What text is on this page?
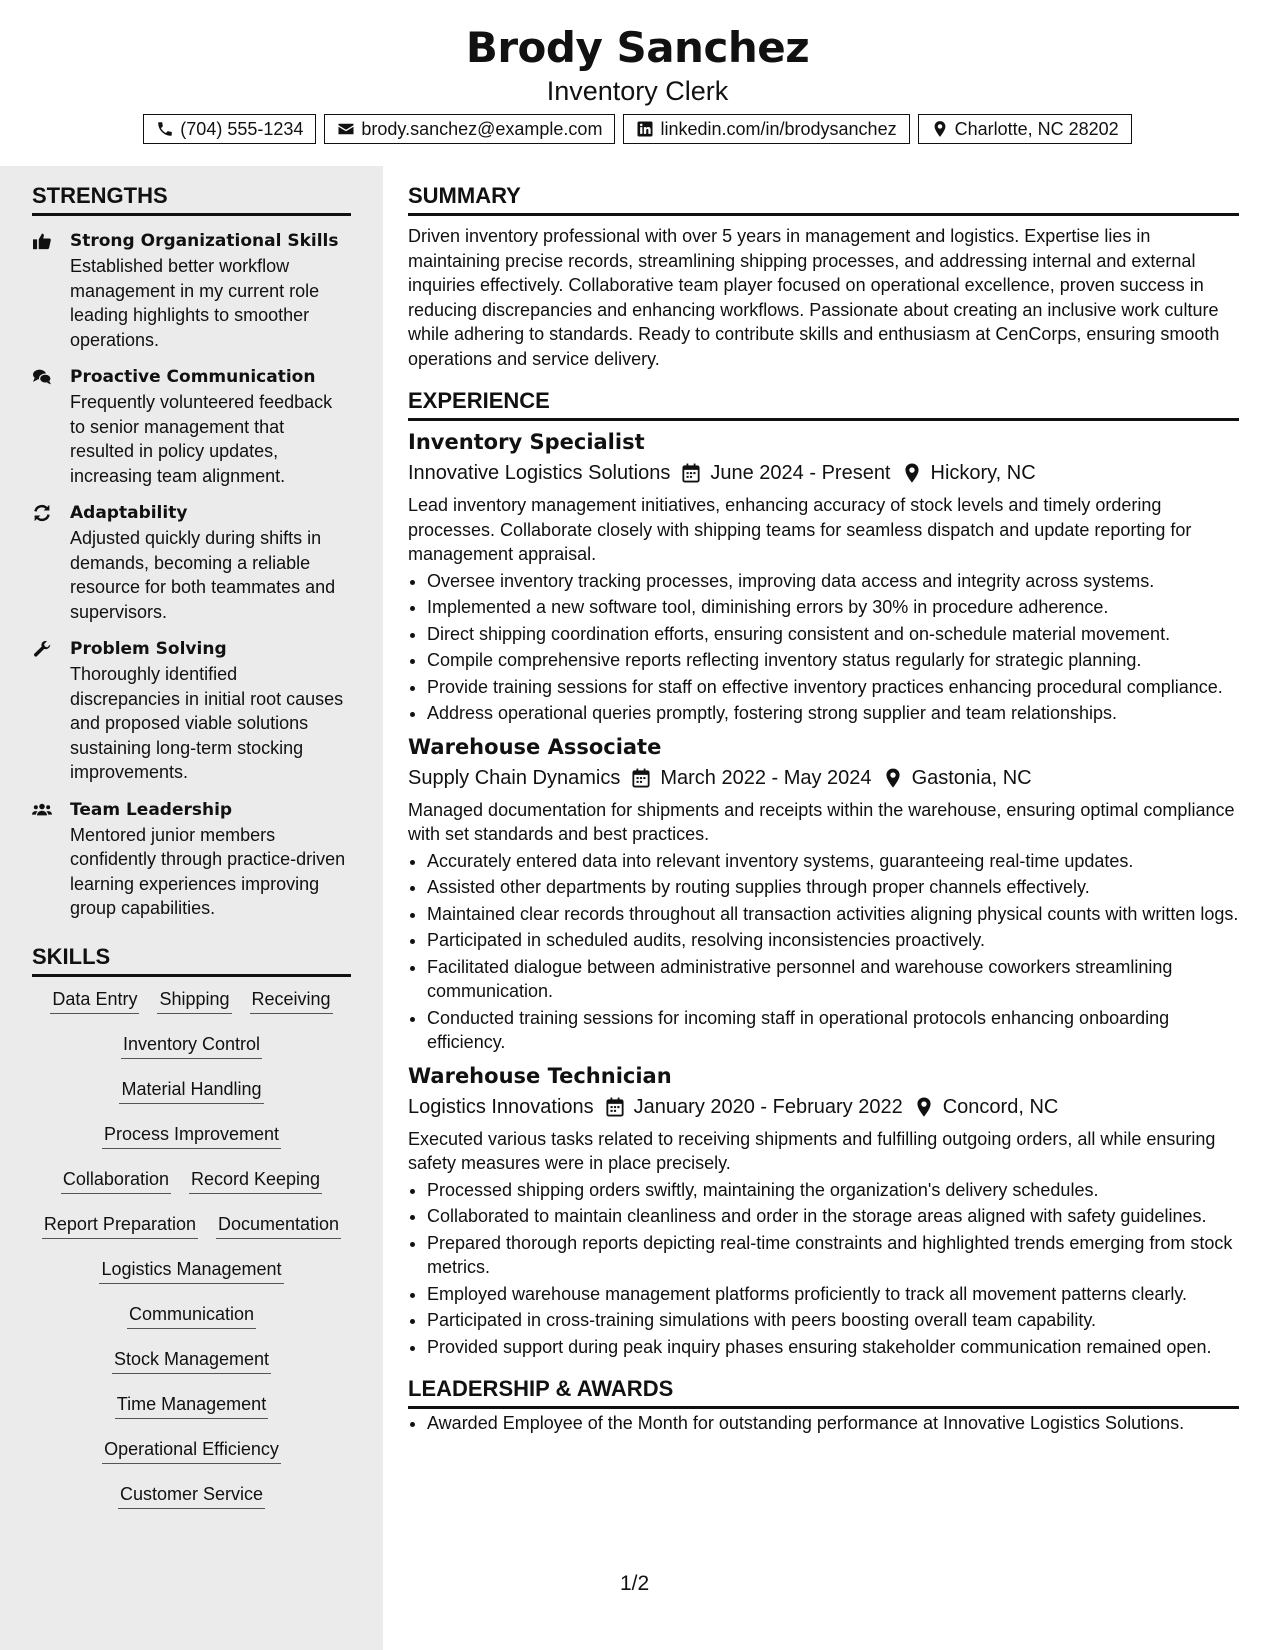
Brody Sanchez
Inventory Clerk
(704) 555-1234	brody.sanchez@example.com	linkedin.com/in/brodysanchez	Charlotte, NC 28202
STRENGTHS
Strong Organizational Skills
Established better workflow management in my current role leading highlights to smoother operations.
Proactive Communication
Frequently volunteered feedback to senior management that resulted in policy updates, increasing team alignment.
Adaptability
Adjusted quickly during shifts in demands, becoming a reliable resource for both teammates and supervisors.
Problem Solving
Thoroughly identified discrepancies in initial root causes and proposed viable solutions sustaining long-term stocking improvements.
Team Leadership
Mentored junior members confidently through practice-driven learning experiences improving group capabilities.
SKILLS
Data Entry Shipping Receiving
Inventory Control
Material Handling
Process Improvement
Collaboration Record Keeping
Report Preparation Documentation
Logistics Management
Communication
Stock Management
Time Management
Operational Efficiency
Customer Service
SUMMARY
Driven inventory professional with over 5 years in management and logistics. Expertise lies in maintaining precise records, streamlining shipping processes, and addressing internal and external inquiries effectively. Collaborative team player focused on operational excellence, proven success in reducing discrepancies and enhancing workflows. Passionate about creating an inclusive work culture while adhering to standards. Ready to contribute skills and enthusiasm at CenCorps, ensuring smooth operations and service delivery.
EXPERIENCE
Inventory Specialist
Innovative Logistics Solutions June 2024 - Present Hickory, NC
Lead inventory management initiatives, enhancing accuracy of stock levels and timely ordering processes. Collaborate closely with shipping teams for seamless dispatch and update reporting for management appraisal.
• Oversee inventory tracking processes, improving data access and integrity across systems.
• Implemented a new software tool, diminishing errors by 30% in procedure adherence.
• Direct shipping coordination efforts, ensuring consistent and on-schedule material movement.
• Compile comprehensive reports reflecting inventory status regularly for strategic planning.
• Provide training sessions for staff on effective inventory practices enhancing procedural compliance.
• Address operational queries promptly, fostering strong supplier and team relationships.
Warehouse Associate
Supply Chain Dynamics March 2022 - May 2024 Gastonia, NC
Managed documentation for shipments and receipts within the warehouse, ensuring optimal compliance with set standards and best practices.
• Accurately entered data into relevant inventory systems, guaranteeing real-time updates.
• Assisted other departments by routing supplies through proper channels effectively.
• Maintained clear records throughout all transaction activities aligning physical counts with written logs.
• Participated in scheduled audits, resolving inconsistencies proactively.
• Facilitated dialogue between administrative personnel and warehouse coworkers streamlining communication.
• Conducted training sessions for incoming staff in operational protocols enhancing onboarding efficiency.
Warehouse Technician
Logistics Innovations January 2020 - February 2022 Concord, NC
Executed various tasks related to receiving shipments and fulfilling outgoing orders, all while ensuring safety measures were in place precisely.
• Processed shipping orders swiftly, maintaining the organization's delivery schedules.
• Collaborated to maintain cleanliness and order in the storage areas aligned with safety guidelines.
• Prepared thorough reports depicting real-time constraints and highlighted trends emerging from stock metrics.
• Employed warehouse management platforms proficiently to track all movement patterns clearly.
• Participated in cross-training simulations with peers boosting overall team capability.
• Provided support during peak inquiry phases ensuring stakeholder communication remained open.
LEADERSHIP & AWARDS
• Awarded Employee of the Month for outstanding performance at Innovative Logistics Solutions.
1/2
